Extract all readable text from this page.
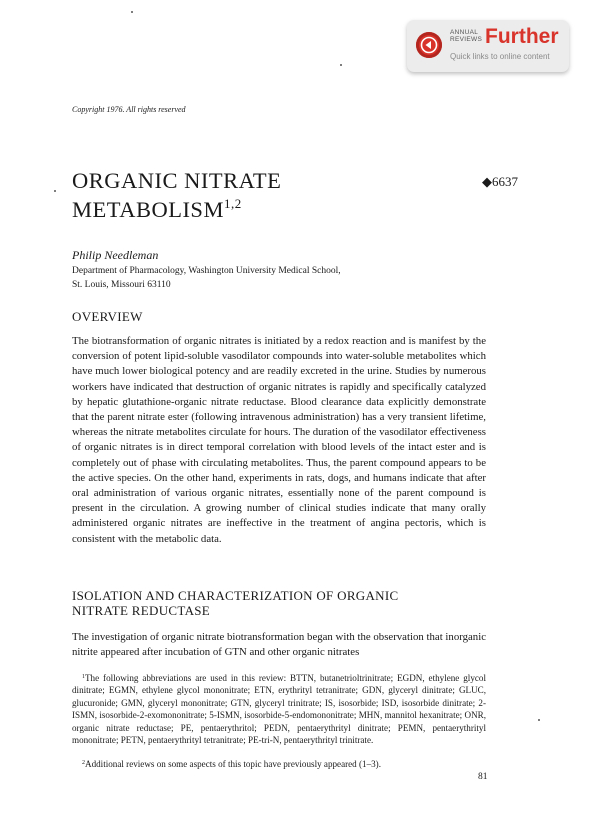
ANNUAL
REVIEWS Further
Quick links to online content
Copyright 1976. All rights reserved
ORGANIC NITRATE
METABOLISM$^{1,2}$
◆6637
Philip Needleman
Department of Pharmacology, Washington University Medical School,
St. Louis, Missouri 63110
OVERVIEW
The biotransformation of organic nitrates is initiated by a redox reaction and is manifest by the conversion of potent lipid-soluble vasodilator compounds into water-soluble metabolites which have much lower biological potency and are readily excreted in the urine. Studies by numerous workers have indicated that destruction of organic nitrates is rapidly and specifically catalyzed by hepatic glutathione-organic nitrate reductase. Blood clearance data explicitly demonstrate that the parent nitrate ester (following intravenous administration) has a very transient lifetime, whereas the nitrate metabolites circulate for hours. The duration of the vasodilator effectiveness of organic nitrates is in direct temporal correlation with blood levels of the intact ester and is completely out of phase with circulating metabolites. Thus, the parent compound appears to be the active species. On the other hand, experiments in rats, dogs, and humans indicate that after oral administration of various organic nitrates, essentially none of the parent compound is present in the circulation. A growing number of clinical studies indicate that many orally administered organic nitrates are ineffective in the treatment of angina pectoris, which is consistent with the metabolic data.
ISOLATION AND CHARACTERIZATION OF ORGANIC
NITRATE REDUCTASE
The investigation of organic nitrate biotransformation began with the observation that inorganic nitrite appeared after incubation of GTN and other organic nitrates
$^1$The following abbreviations are used in this review: BTTN, butanetrioltrinitrate; EGDN, ethylene glycol dinitrate; EGMN, ethylene glycol mononitrate; ETN, erythrityl tetranitrate; GDN, glyceryl dinitrate; GLUC, glucuronide; GMN, glyceryl mononitrate; GTN, glyceryl trinitrate; IS, isosorbide; ISD, isosorbide dinitrate; 2-ISMN, isosorbide-2-exomononitrate; 5-ISMN, isosorbide-5-endomononitrate; MHN, mannitol hexanitrate; ONR, organic nitrate reductase; PE, pentaerythritol; PEDN, pentaerythrityl dinitrate; PEMN, pentaerythrityl mononitrate; PETN, pentaerythrityl tetranitrate; PE-tri-N, pentaerythrityl trinitrate.
$^2$Additional reviews on some aspects of this topic have previously appeared (1–3).
81
